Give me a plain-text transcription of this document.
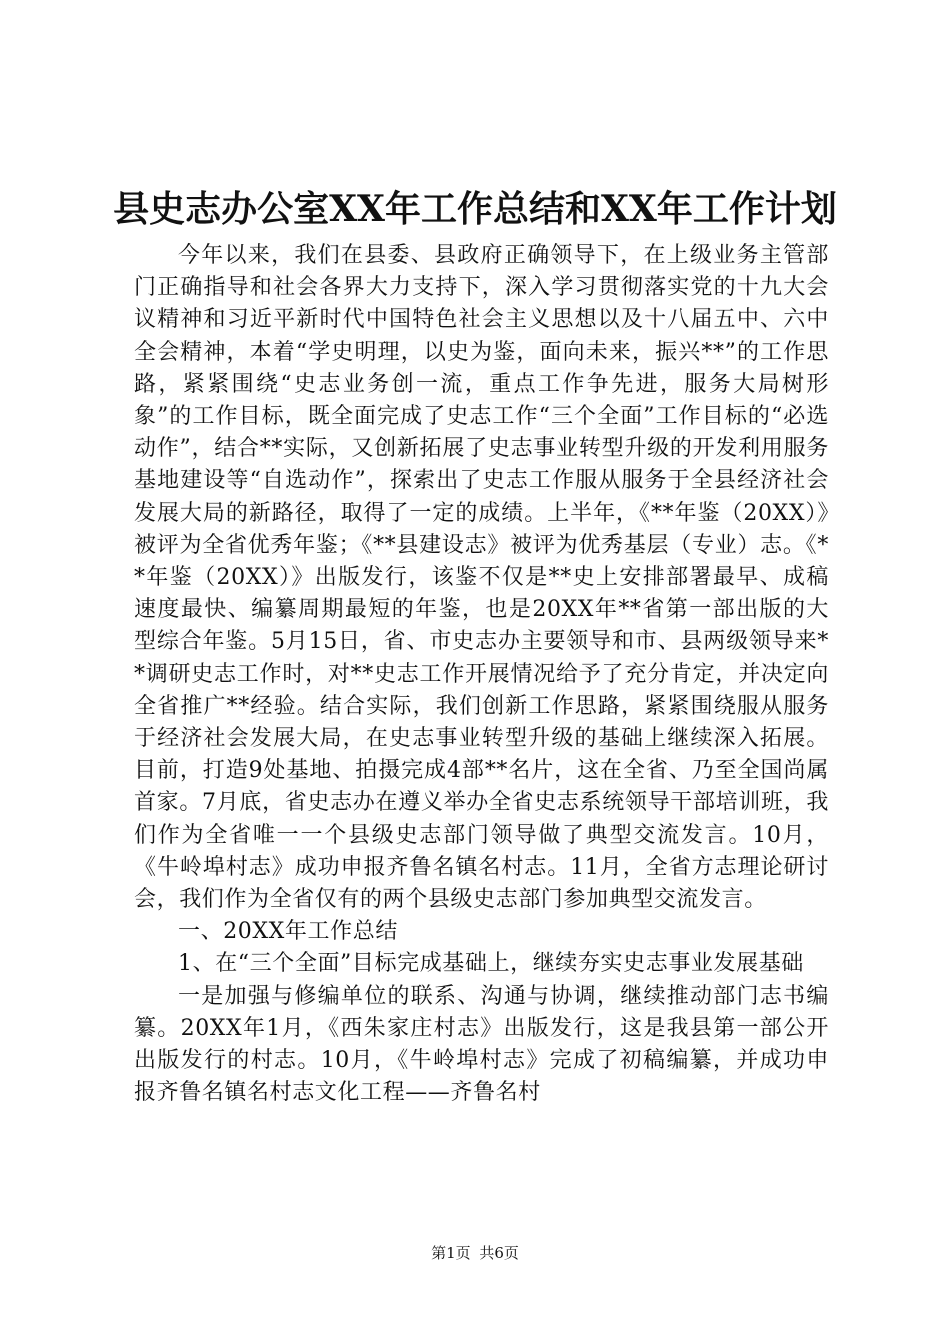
县史志办公室XX年工作总结和XX年工作计划

今年以来，我们在县委、县政府正确领导下，在上级业务主管部门正确指导和社会各界大力支持下，深入学习贯彻落实党的十九大会议精神和习近平新时代中国特色社会主义思想以及十八届五中、六中全会精神，本着“学史明理，以史为鉴，面向未来，振兴**”的工作思路，紧紧围绕“史志业务创一流，重点工作争先进，服务大局树形象”的工作目标，既全面完成了史志工作“三个全面”工作目标的“必选动作”，结合**实际，又创新拓展了史志事业转型升级的开发利用服务基地建设等“自选动作”，探索出了史志工作服从服务于全县经济社会发展大局的新路径，取得了一定的成绩。上半年，《**年鉴（20XX）》被评为全省优秀年鉴；《**县建设志》被评为优秀基层（专业）志。《**年鉴（20XX）》出版发行，该鉴不仅是**史上安排部署最早、成稿速度最快、编纂周期最短的年鉴，也是20XX年**省第一部出版的大型综合年鉴。5月15日，省、市史志办主要领导和市、县两级领导来**调研史志工作时，对**史志工作开展情况给予了充分肯定，并决定向全省推广**经验。结合实际，我们创新工作思路，紧紧围绕服从服务于经济社会发展大局，在史志事业转型升级的基础上继续深入拓展。目前，打造9处基地、拍摄完成4部**名片，这在全省、乃至全国尚属首家。7月底，省史志办在遵义举办全省史志系统领导干部培训班，我们作为全省唯一一个县级史志部门领导做了典型交流发言。10月，《牛岭埠村志》成功申报齐鲁名镇名村志。11月，全省方志理论研讨会，我们作为全省仅有的两个县级史志部门参加典型交流发言。

一、20XX年工作总结

1、在“三个全面”目标完成基础上，继续夯实史志事业发展基础

一是加强与修编单位的联系、沟通与协调，继续推动部门志书编纂。20XX年1月，《西朱家庄村志》出版发行，这是我县第一部公开出版发行的村志。10月，《牛岭埠村志》完成了初稿编纂，并成功申报齐鲁名镇名村志文化工程——齐鲁名村

第1页 共6页
